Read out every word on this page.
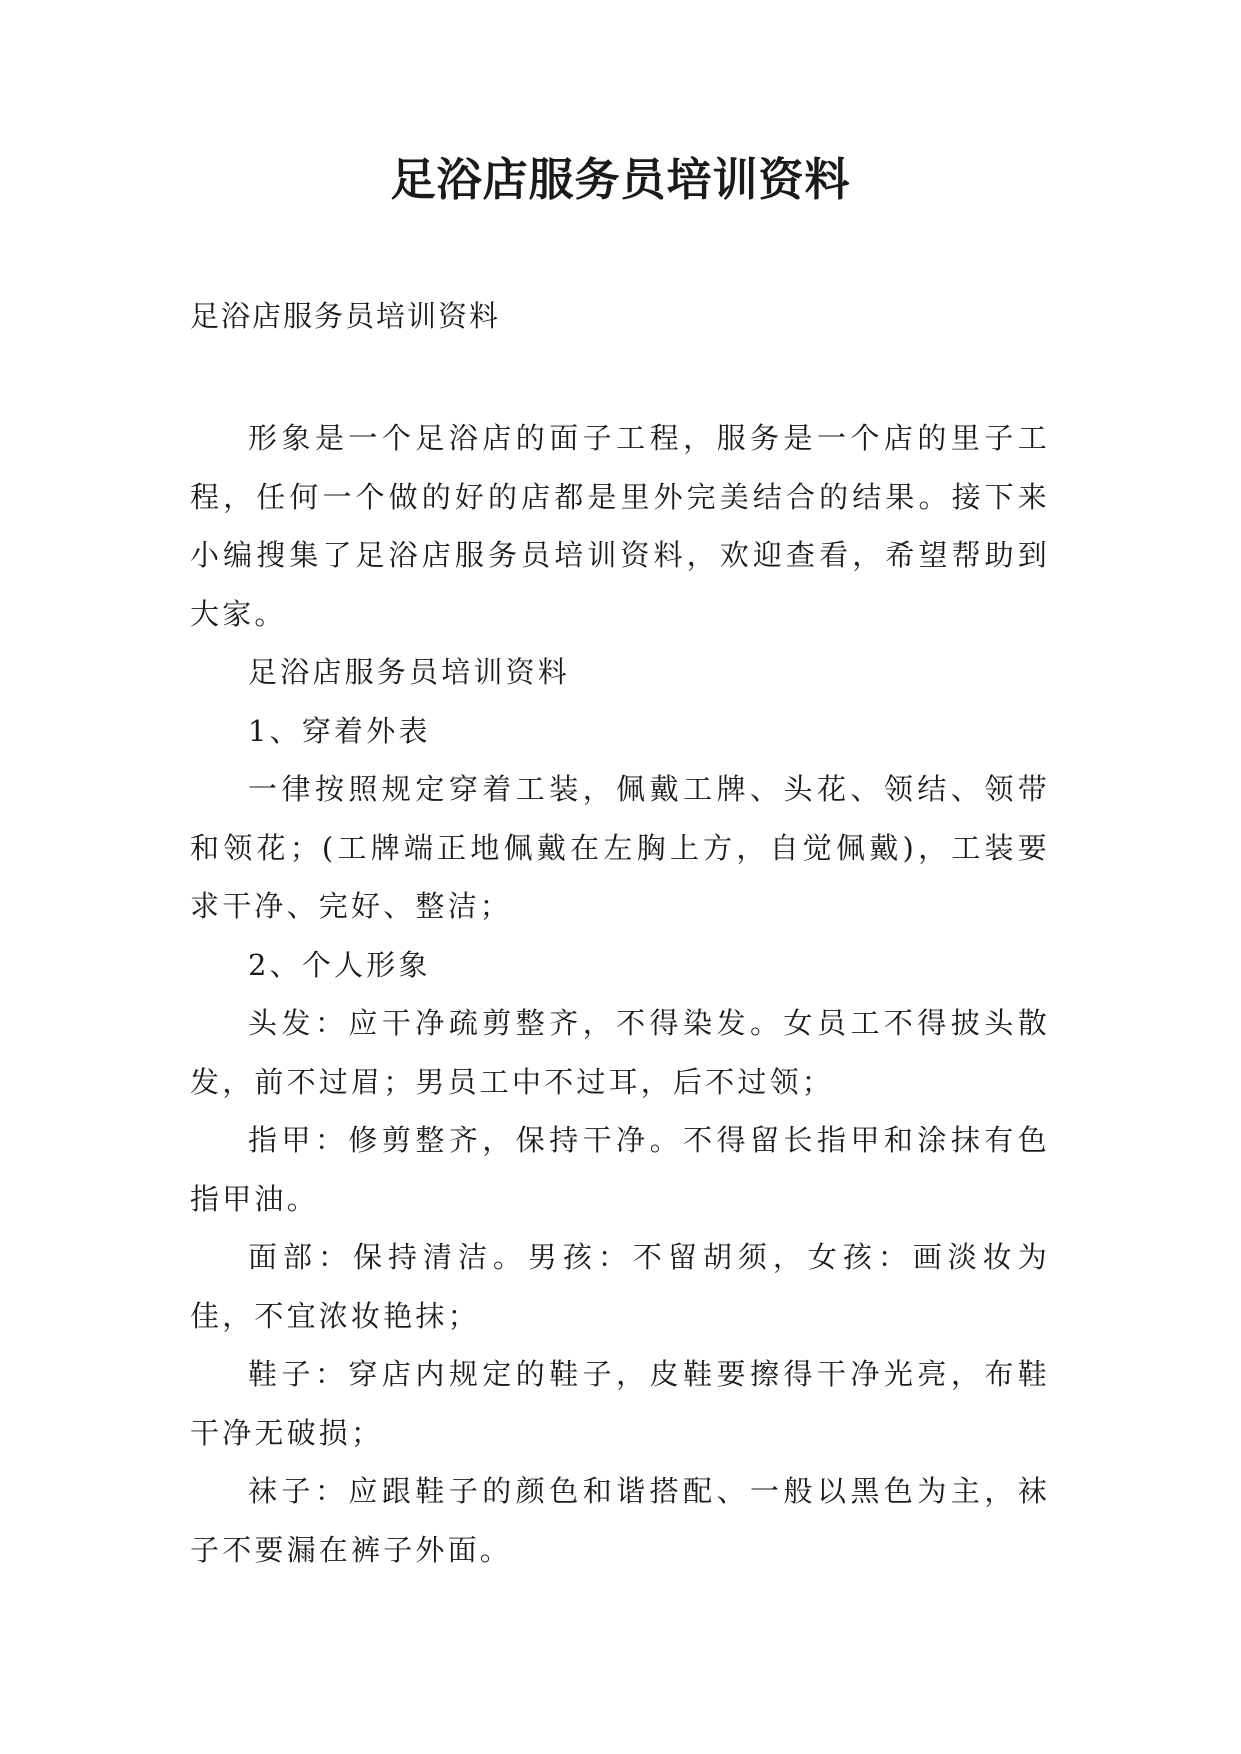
足浴店服务员培训资料

足浴店服务员培训资料

形象是一个足浴店的面子工程，服务是一个店的里子工程，任何一个做的好的店都是里外完美结合的结果。接下来小编搜集了足浴店服务员培训资料，欢迎查看，希望帮助到大家。

足浴店服务员培训资料

1、穿着外表

一律按照规定穿着工装，佩戴工牌、头花、领结、领带和领花；(工牌端正地佩戴在左胸上方，自觉佩戴)，工装要求干净、完好、整洁；

2、个人形象

头发：应干净疏剪整齐，不得染发。女员工不得披头散发，前不过眉；男员工中不过耳，后不过领；

指甲：修剪整齐，保持干净。不得留长指甲和涂抹有色指甲油。

面部：保持清洁。男孩：不留胡须，女孩：画淡妆为佳，不宜浓妆艳抹；

鞋子：穿店内规定的鞋子，皮鞋要擦得干净光亮，布鞋干净无破损；

袜子：应跟鞋子的颜色和谐搭配、一般以黑色为主，袜子不要漏在裤子外面。
